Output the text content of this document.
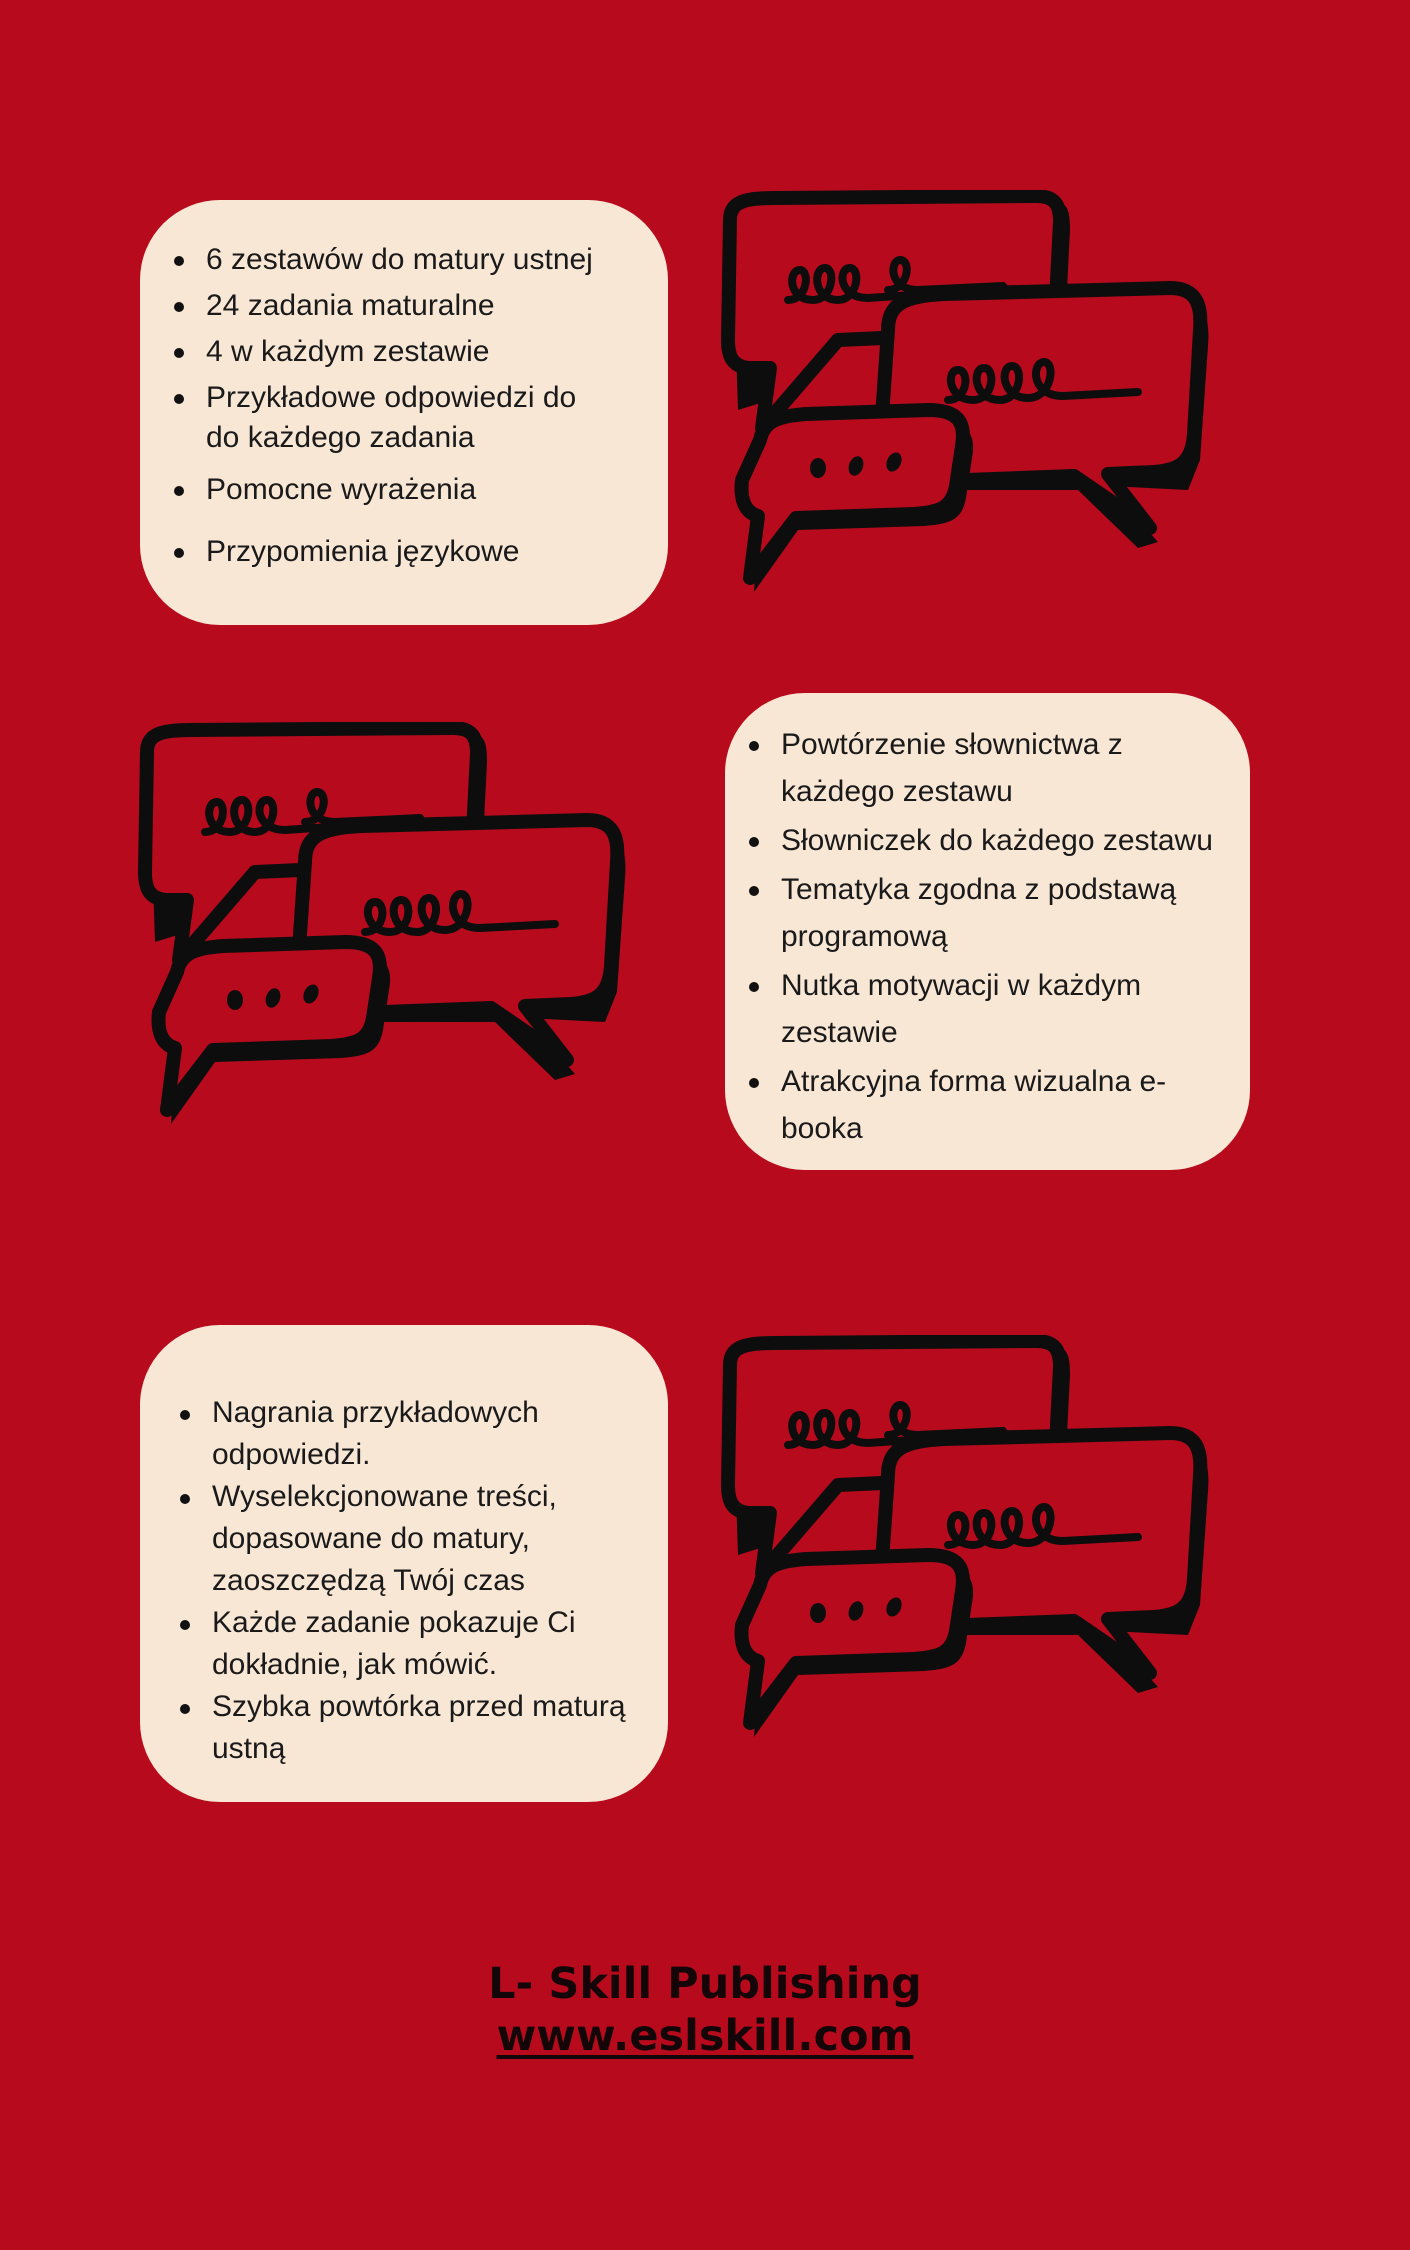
6 zestawów do matury ustnej
24 zadania maturalne
4 w każdym zestawie
Przykładowe odpowiedzi do do każdego zadania
Pomocne wyrażenia
Przypomienia językowe
Powtórzenie słownictwa z każdego zestawu
Słowniczek do każdego zestawu
Tematyka zgodna z podstawą programową
Nutka motywacji w każdym zestawie
Atrakcyjna forma wizualna e-booka
Nagrania przykładowych odpowiedzi.
Wyselekcjonowane treści, dopasowane do matury, zaoszczędzą Twój czas
Każde zadanie pokazuje Ci dokładnie, jak mówić.
Szybka powtórka przed maturą ustną
L- Skill Publishing
www.eslskill.com
